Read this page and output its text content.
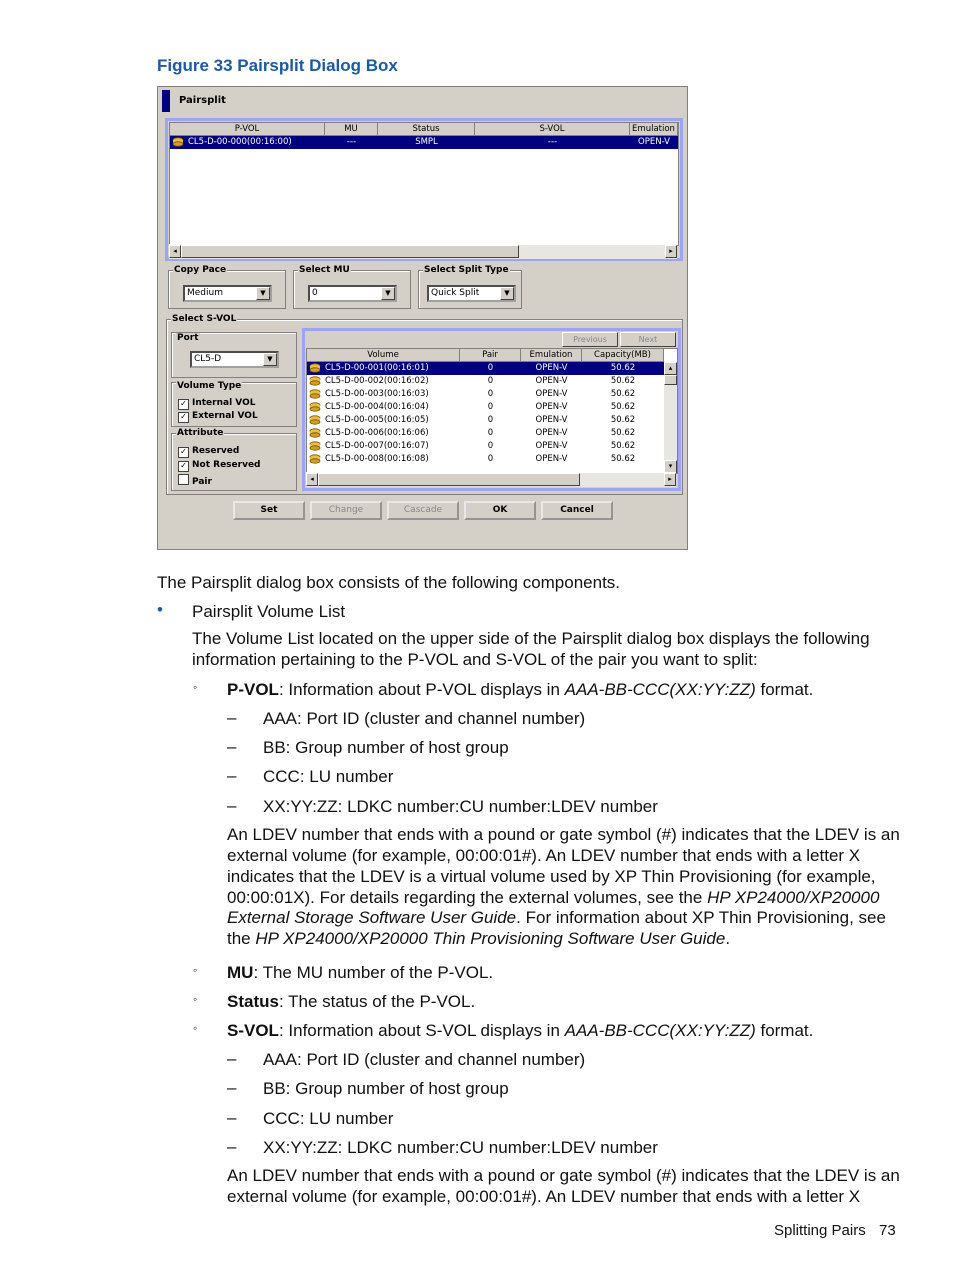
Figure 33 Pairsplit Dialog Box
Pairsplit
P-VOL	MU	Status	S-VOL	Emulation
CL5-D-00-000(00:16:00)	---	SMPL	---	OPEN-V
◂	▸
Copy Pace
Medium	▼
Select MU
0	▼
Select Split Type
Quick Split	▼
Select S-VOL
Port
CL5-D	▼
Volume Type
✓ Internal VOL
✓ External VOL
Attribute
✓ Reserved
✓ Not Reserved
Pair
Previous	Next
Volume	Pair	Emulation	Capacity(MB)
CL5-D-00-001(00:16:01)	0	OPEN-V	50.62
CL5-D-00-002(00:16:02)	0	OPEN-V	50.62
CL5-D-00-003(00:16:03)	0	OPEN-V	50.62
CL5-D-00-004(00:16:04)	0	OPEN-V	50.62
CL5-D-00-005(00:16:05)	0	OPEN-V	50.62
CL5-D-00-006(00:16:06)	0	OPEN-V	50.62
CL5-D-00-007(00:16:07)	0	OPEN-V	50.62
CL5-D-00-008(00:16:08)	0	OPEN-V	50.62
▴
▾
◂	▸
Set	Change	Cascade	OK	Cancel
The Pairsplit dialog box consists of the following components.
• Pairsplit Volume List
The Volume List located on the upper side of the Pairsplit dialog box displays the following information pertaining to the P-VOL and S-VOL of the pair you want to split:
◦ P-VOL: Information about P-VOL displays in AAA-BB-CCC(XX:YY:ZZ) format.
– AAA: Port ID (cluster and channel number)
– BB: Group number of host group
– CCC: LU number
– XX:YY:ZZ: LDKC number:CU number:LDEV number
An LDEV number that ends with a pound or gate symbol (#) indicates that the LDEV is an
external volume (for example, 00:00:01#). An LDEV number that ends with a letter X
indicates that the LDEV is a virtual volume used by XP Thin Provisioning (for example,
00:00:01X). For details regarding the external volumes, see the HP XP24000/XP20000
External Storage Software User Guide. For information about XP Thin Provisioning, see
the HP XP24000/XP20000 Thin Provisioning Software User Guide.
◦ MU: The MU number of the P-VOL.
◦ Status: The status of the P-VOL.
◦ S-VOL: Information about S-VOL displays in AAA-BB-CCC(XX:YY:ZZ) format.
– AAA: Port ID (cluster and channel number)
– BB: Group number of host group
– CCC: LU number
– XX:YY:ZZ: LDKC number:CU number:LDEV number
An LDEV number that ends with a pound or gate symbol (#) indicates that the LDEV is an
external volume (for example, 00:00:01#). An LDEV number that ends with a letter X
Splitting Pairs 73
